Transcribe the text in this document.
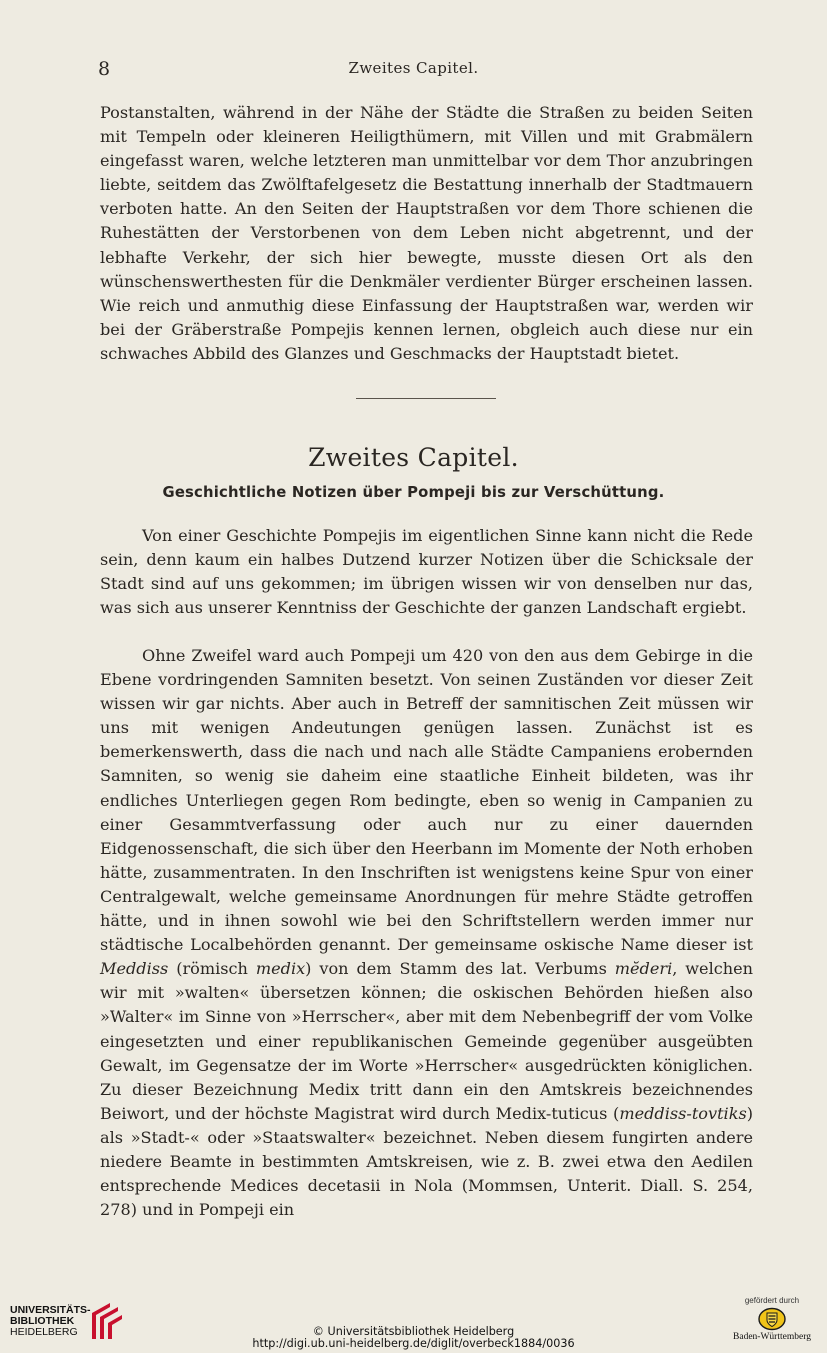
8	Zweites Capitel.

Postanstalten, während in der Nähe der Städte die Straßen zu beiden Seiten mit Tempeln oder kleineren Heiligthümern, mit Villen und mit Grabmälern eingefasst waren, welche letzteren man unmittelbar vor dem Thor anzubringen liebte, seitdem das Zwölftafelgesetz die Bestattung innerhalb der Stadtmauern verboten hatte. An den Seiten der Hauptstraßen vor dem Thore schienen die Ruhestätten der Verstorbenen von dem Leben nicht abgetrennt, und der lebhafte Verkehr, der sich hier bewegte, musste diesen Ort als den wünschenswerthesten für die Denkmäler verdienter Bürger erscheinen lassen. Wie reich und anmuthig diese Einfassung der Hauptstraßen war, werden wir bei der Gräberstraße Pompejis kennen lernen, obgleich auch diese nur ein schwaches Abbild des Glanzes und Geschmacks der Hauptstadt bietet.

Zweites Capitel.
Geschichtliche Notizen über Pompeji bis zur Verschüttung.

Von einer Geschichte Pompejis im eigentlichen Sinne kann nicht die Rede sein, denn kaum ein halbes Dutzend kurzer Notizen über die Schicksale der Stadt sind auf uns gekommen; im übrigen wissen wir von denselben nur das, was sich aus unserer Kenntniss der Geschichte der ganzen Landschaft ergiebt.

Ohne Zweifel ward auch Pompeji um 420 von den aus dem Gebirge in die Ebene vordringenden Samniten besetzt. Von seinen Zuständen vor dieser Zeit wissen wir gar nichts. Aber auch in Betreff der samnitischen Zeit müssen wir uns mit wenigen Andeutungen genügen lassen. Zunächst ist es bemerkenswerth, dass die nach und nach alle Städte Campaniens erobernden Samniten, so wenig sie daheim eine staatliche Einheit bildeten, was ihr endliches Unterliegen gegen Rom bedingte, eben so wenig in Campanien zu einer Gesammtverfassung oder auch nur zu einer dauernden Eidgenossenschaft, die sich über den Heerbann im Momente der Noth erhoben hätte, zusammentraten. In den Inschriften ist wenigstens keine Spur von einer Centralgewalt, welche gemeinsame Anordnungen für mehre Städte getroffen hätte, und in ihnen sowohl wie bei den Schriftstellern werden immer nur städtische Localbehörden genannt. Der gemeinsame oskische Name dieser ist Meddiss (römisch medix) von dem Stamm des lat. Verbums mĕderi, welchen wir mit »walten« übersetzen können; die oskischen Behörden hießen also »Walter« im Sinne von »Herrscher«, aber mit dem Nebenbegriff der vom Volke eingesetzten und einer republikanischen Gemeinde gegenüber ausgeübten Gewalt, im Gegensatze der im Worte »Herrscher« ausgedrückten königlichen. Zu dieser Bezeichnung Medix tritt dann ein den Amtskreis bezeichnendes Beiwort, und der höchste Magistrat wird durch Medix-tuticus (meddiss-tovtiks) als »Stadt-« oder »Staatswalter« bezeichnet. Neben diesem fungirten andere niedere Beamte in bestimmten Amtskreisen, wie z. B. zwei etwa den Aedilen entsprechende Medices decetasii in Nola (Mommsen, Unterit. Diall. S. 254, 278) und in Pompeji ein

UNIVERSITÄTS-
BIBLIOTHEK
HEIDELBERG	© Universitätsbibliothek Heidelberg
http://digi.ub.uni-heidelberg.de/diglit/overbeck1884/0036
gefördert durch
Baden-Württemberg
